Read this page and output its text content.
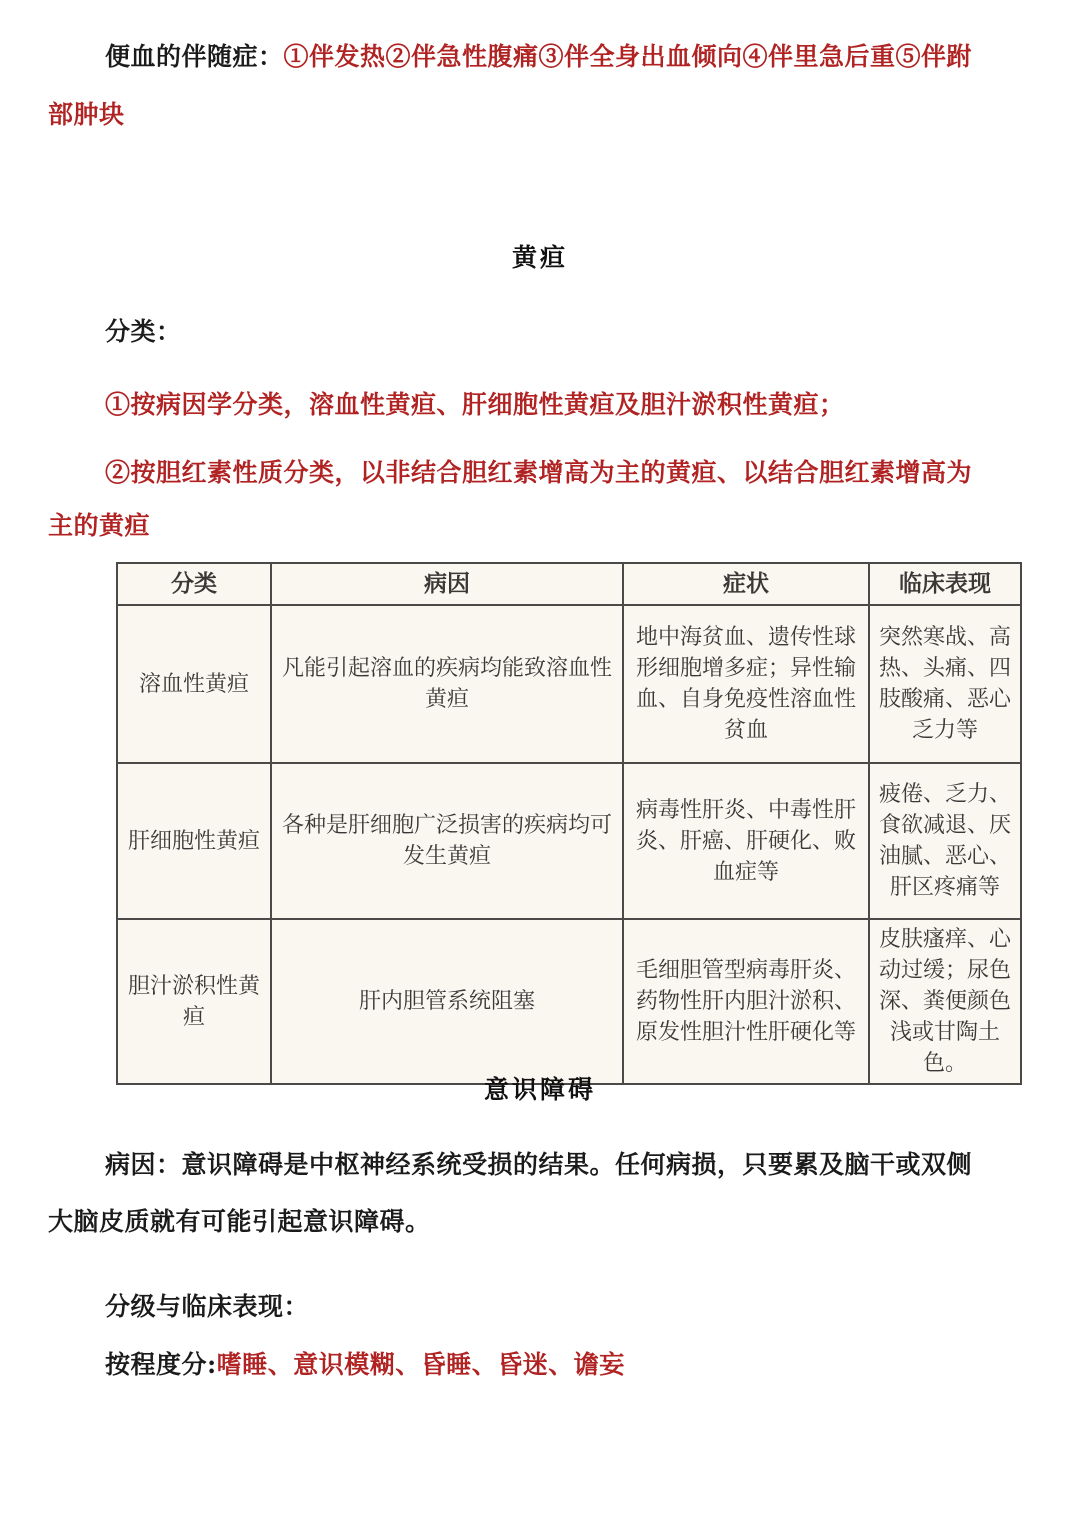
便血的伴随症：①伴发热②伴急性腹痛③伴全身出血倾向④伴里急后重⑤伴跗
部肿块
黄疸
分类：
①按病因学分类，溶血性黄疸、肝细胞性黄疸及胆汁淤积性黄疸；
②按胆红素性质分类，以非结合胆红素增高为主的黄疸、以结合胆红素增高为
主的黄疸
分类	病因	症状	临床表现
溶血性黄疸	凡能引起溶血的疾病均能致溶血性黄疸	地中海贫血、遗传性球形细胞增多症；异性输血、自身免疫性溶血性贫血	突然寒战、高热、头痛、四肢酸痛、恶心乏力等
肝细胞性黄疸	各种是肝细胞广泛损害的疾病均可发生黄疸	病毒性肝炎、中毒性肝炎、肝癌、肝硬化、败血症等	疲倦、乏力、食欲减退、厌油腻、恶心、肝区疼痛等
胆汁淤积性黄疸	肝内胆管系统阻塞	毛细胆管型病毒肝炎、药物性肝内胆汁淤积、原发性胆汁性肝硬化等	皮肤瘙痒、心动过缓；尿色深、粪便颜色浅或甘陶土色。
意识障碍
病因：意识障碍是中枢神经系统受损的结果。任何病损，只要累及脑干或双侧
大脑皮质就有可能引起意识障碍。
分级与临床表现：
按程度分:嗜睡、意识模糊、昏睡、昏迷、谵妄
